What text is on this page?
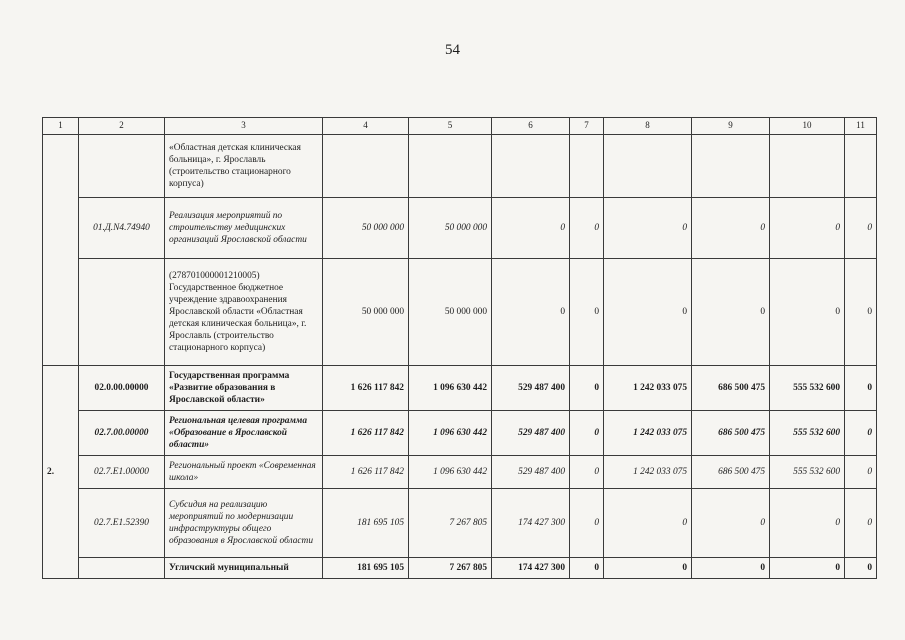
54
1	2	3	4	5	6	7	8	9	10	11
		«Областная детская клиническая больница», г. Ярославль (строительство стационарного корпуса)								
	01.Д.N4.74940	Реализация мероприятий по строительству медицинских организаций Ярославской области	50 000 000	50 000 000	0	0	0	0	0	0
		(278701000001210005) Государственное бюджетное учреждение здравоохранения Ярославской области «Областная детская клиническая больница», г. Ярославль (строительство стационарного корпуса)	50 000 000	50 000 000	0	0	0	0	0	0
2.	02.0.00.00000	Государственная программа «Развитие образования в Ярославской области»	1 626 117 842	1 096 630 442	529 487 400	0	1 242 033 075	686 500 475	555 532 600	0
	02.7.00.00000	Региональная целевая программа «Образование в Ярославской области»	1 626 117 842	1 096 630 442	529 487 400	0	1 242 033 075	686 500 475	555 532 600	0
	02.7.E1.00000	Региональный проект «Современная школа»	1 626 117 842	1 096 630 442	529 487 400	0	1 242 033 075	686 500 475	555 532 600	0
	02.7.E1.52390	Субсидия на реализацию мероприятий по модернизации инфраструктуры общего образования в Ярославской области	181 695 105	7 267 805	174 427 300	0	0	0	0	0
		Угличский муниципальный	181 695 105	7 267 805	174 427 300	0	0	0	0	0
